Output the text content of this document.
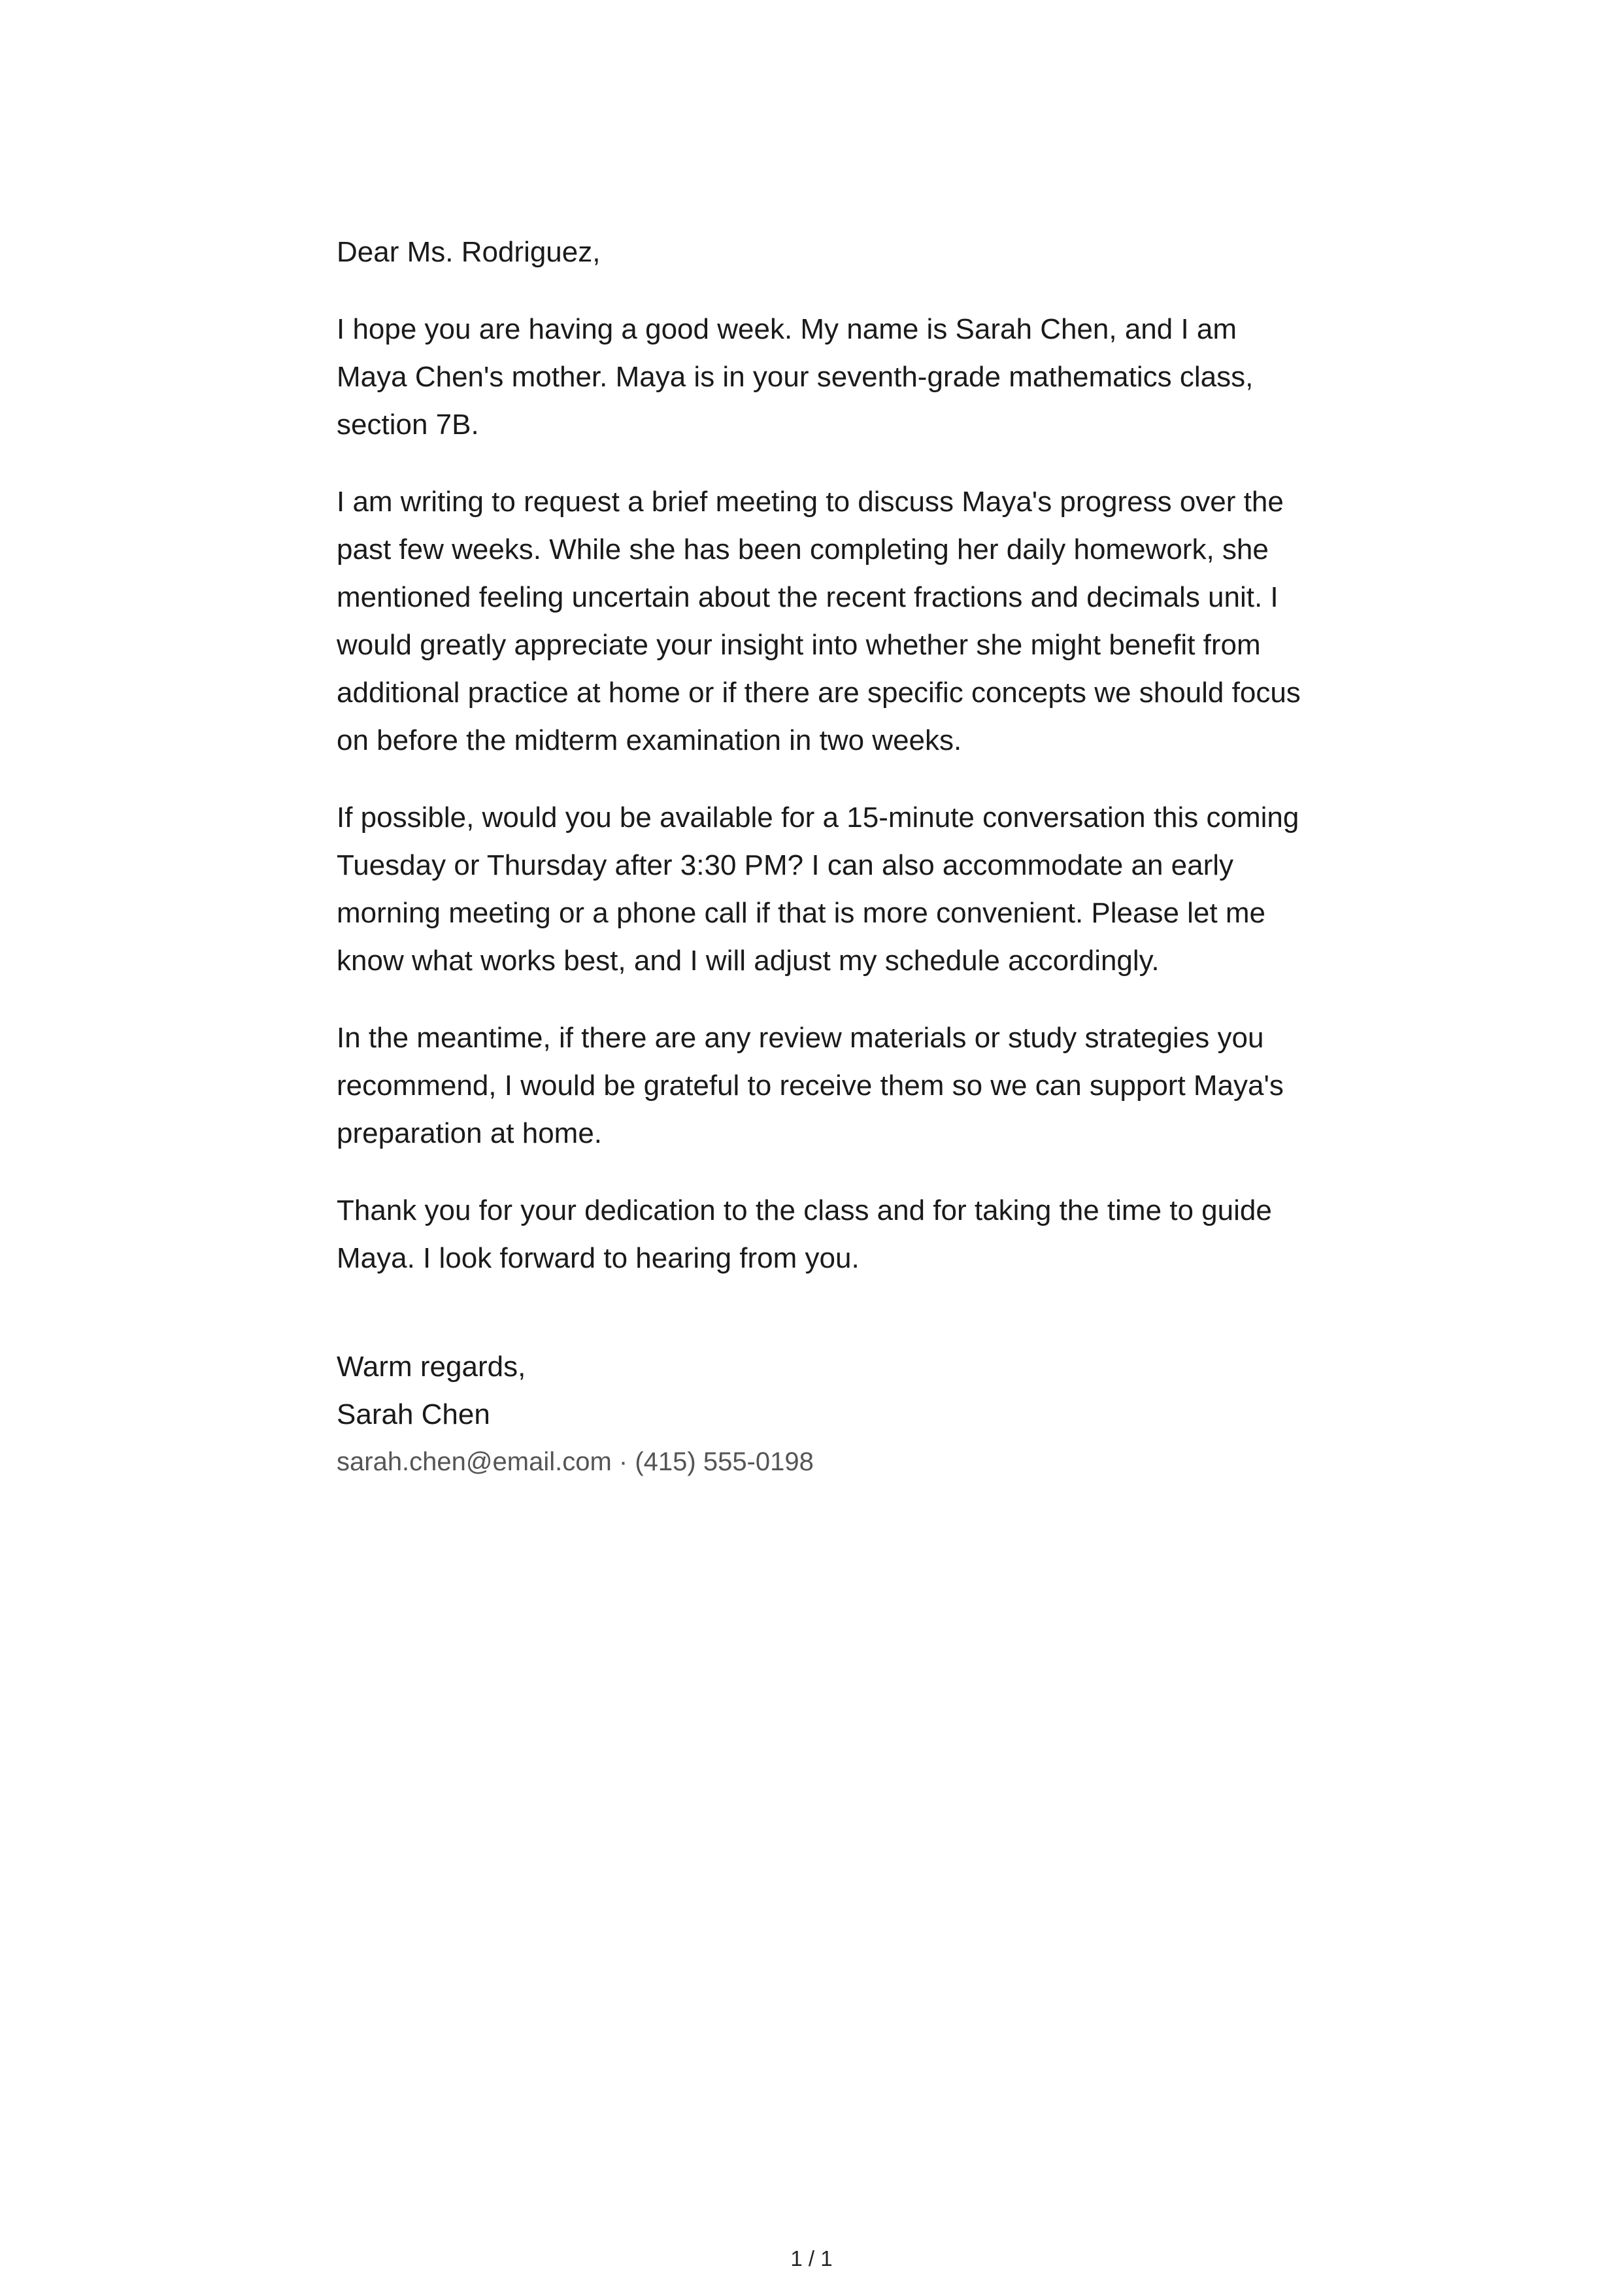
Dear Ms. Rodriguez,

I hope you are having a good week. My name is Sarah Chen, and I am Maya Chen's mother. Maya is in your seventh-grade mathematics class, section 7B.

I am writing to request a brief meeting to discuss Maya's progress over the past few weeks. While she has been completing her daily homework, she mentioned feeling uncertain about the recent fractions and decimals unit. I would greatly appreciate your insight into whether she might benefit from additional practice at home or if there are specific concepts we should focus on before the midterm examination in two weeks.

If possible, would you be available for a 15-minute conversation this coming Tuesday or Thursday after 3:30 PM? I can also accommodate an early morning meeting or a phone call if that is more convenient. Please let me know what works best, and I will adjust my schedule accordingly.

In the meantime, if there are any review materials or study strategies you recommend, I would be grateful to receive them so we can support Maya's preparation at home.

Thank you for your dedication to the class and for taking the time to guide Maya. I look forward to hearing from you.

Warm regards,
Sarah Chen
sarah.chen@email.com · (415) 555-0198
1 / 1
